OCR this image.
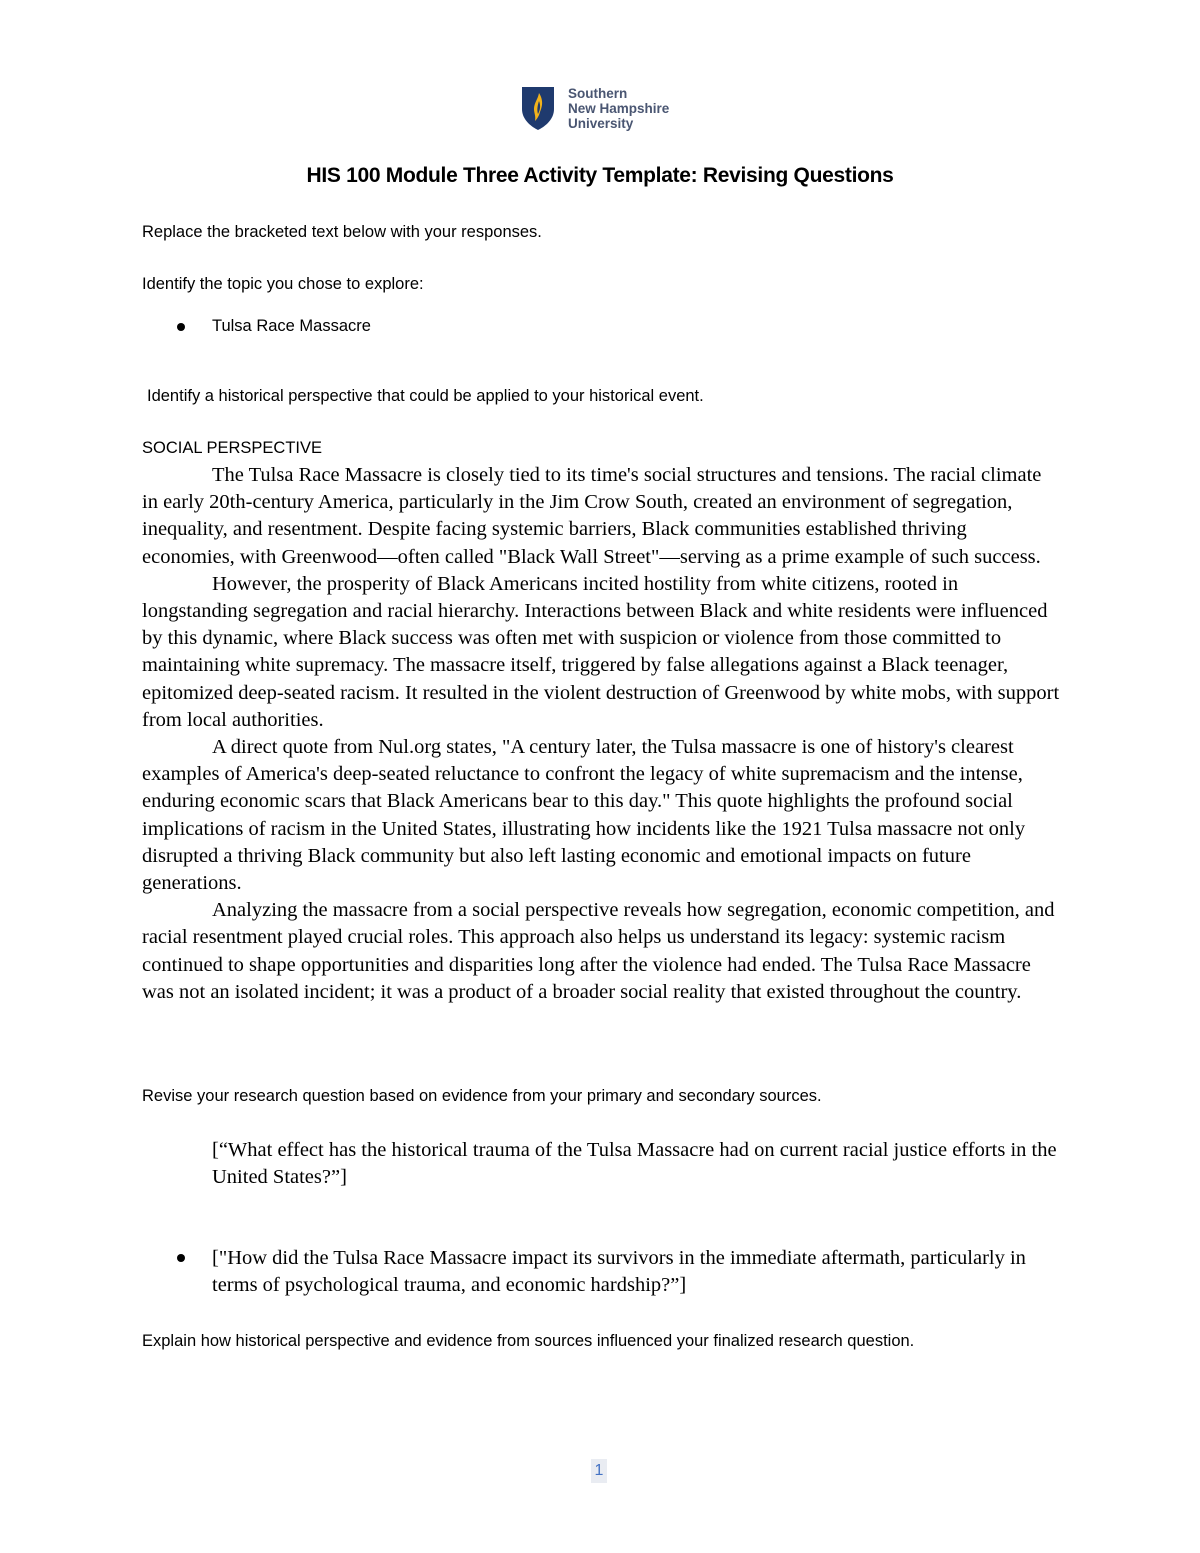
Southern
New Hampshire
University
HIS 100 Module Three Activity Template: Revising Questions
Replace the bracketed text below with your responses.
Identify the topic you chose to explore:
Tulsa Race Massacre
Identify a historical perspective that could be applied to your historical event.
SOCIAL PERSPECTIVE

The Tulsa Race Massacre is closely tied to its time's social structures and tensions. The racial climate in early 20th-century America, particularly in the Jim Crow South, created an environment of segregation, inequality, and resentment. Despite facing systemic barriers, Black communities established thriving economies, with Greenwood—often called "Black Wall Street"—serving as a prime example of such success.

However, the prosperity of Black Americans incited hostility from white citizens, rooted in longstanding segregation and racial hierarchy. Interactions between Black and white residents were influenced by this dynamic, where Black success was often met with suspicion or violence from those committed to maintaining white supremacy. The massacre itself, triggered by false allegations against a Black teenager, epitomized deep-seated racism. It resulted in the violent destruction of Greenwood by white mobs, with support from local authorities.

A direct quote from Nul.org states, "A century later, the Tulsa massacre is one of history's clearest examples of America's deep-seated reluctance to confront the legacy of white supremacism and the intense, enduring economic scars that Black Americans bear to this day." This quote highlights the profound social implications of racism in the United States, illustrating how incidents like the 1921 Tulsa massacre not only disrupted a thriving Black community but also left lasting economic and emotional impacts on future generations.

Analyzing the massacre from a social perspective reveals how segregation, economic competition, and racial resentment played crucial roles. This approach also helps us understand its legacy: systemic racism continued to shape opportunities and disparities long after the violence had ended. The Tulsa Race Massacre was not an isolated incident; it was a product of a broader social reality that existed throughout the country.

Revise your research question based on evidence from your primary and secondary sources.
[“What effect has the historical trauma of the Tulsa Massacre had on current racial justice efforts in the United States?”]
["How did the Tulsa Race Massacre impact its survivors in the immediate aftermath, particularly in terms of psychological trauma, and economic hardship?”]
Explain how historical perspective and evidence from sources influenced your finalized research question.
1
